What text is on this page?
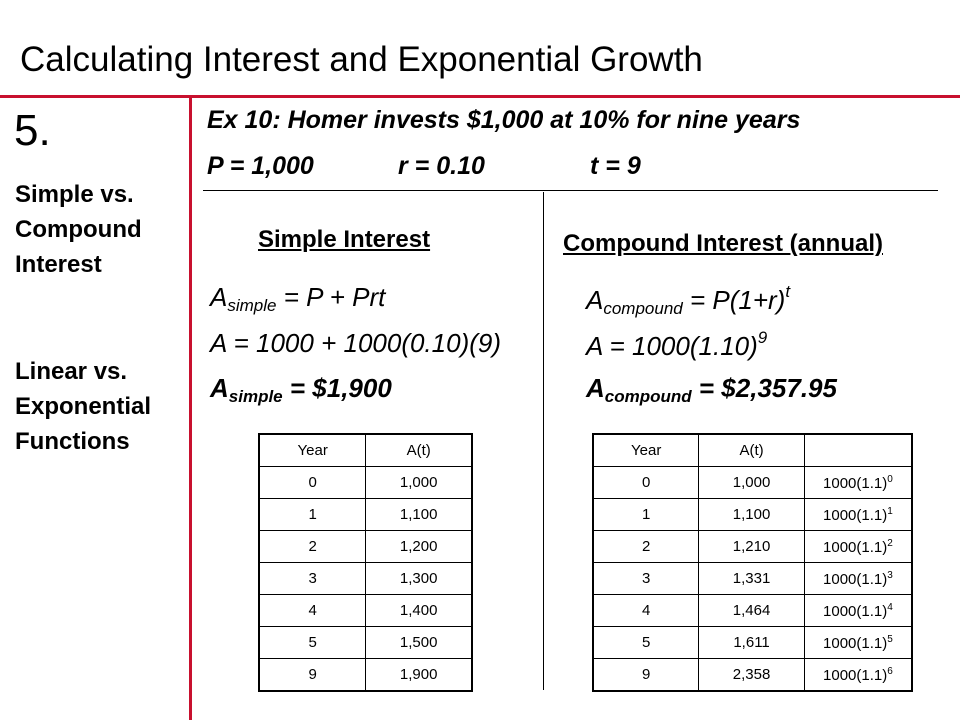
Calculating Interest and Exponential Growth
5.
Simple vs.
Compound
Interest
Linear vs.
Exponential
Functions
Ex 10: Homer invests $1,000 at 10% for nine years
P = 1,000	r = 0.10	t = 9
Simple Interest
$A_{simple} = P$ + Prt
A = 1000 + 1000(0.10)(9)
$A_{simple}$ = $1,900
Year	A(t)
0	1,000
1	1,100
2	1,200
3	1,300
4	1,400
5	1,500
9	1,900
Compound Interest (annual)
$A_{compound} = P(1+r)^t$
$A = 1000(1.10)^9$
$A_{compound}$ = $2,357.95
Year	A(t)	
0	1,000	$1000(1.1)^0$
1	1,100	$1000(1.1)^1$
2	1,210	$1000(1.1)^2$
3	1,331	$1000(1.1)^3$
4	1,464	$1000(1.1)^4$
5	1,611	$1000(1.1)^5$
9	2,358	$1000(1.1)^6$
